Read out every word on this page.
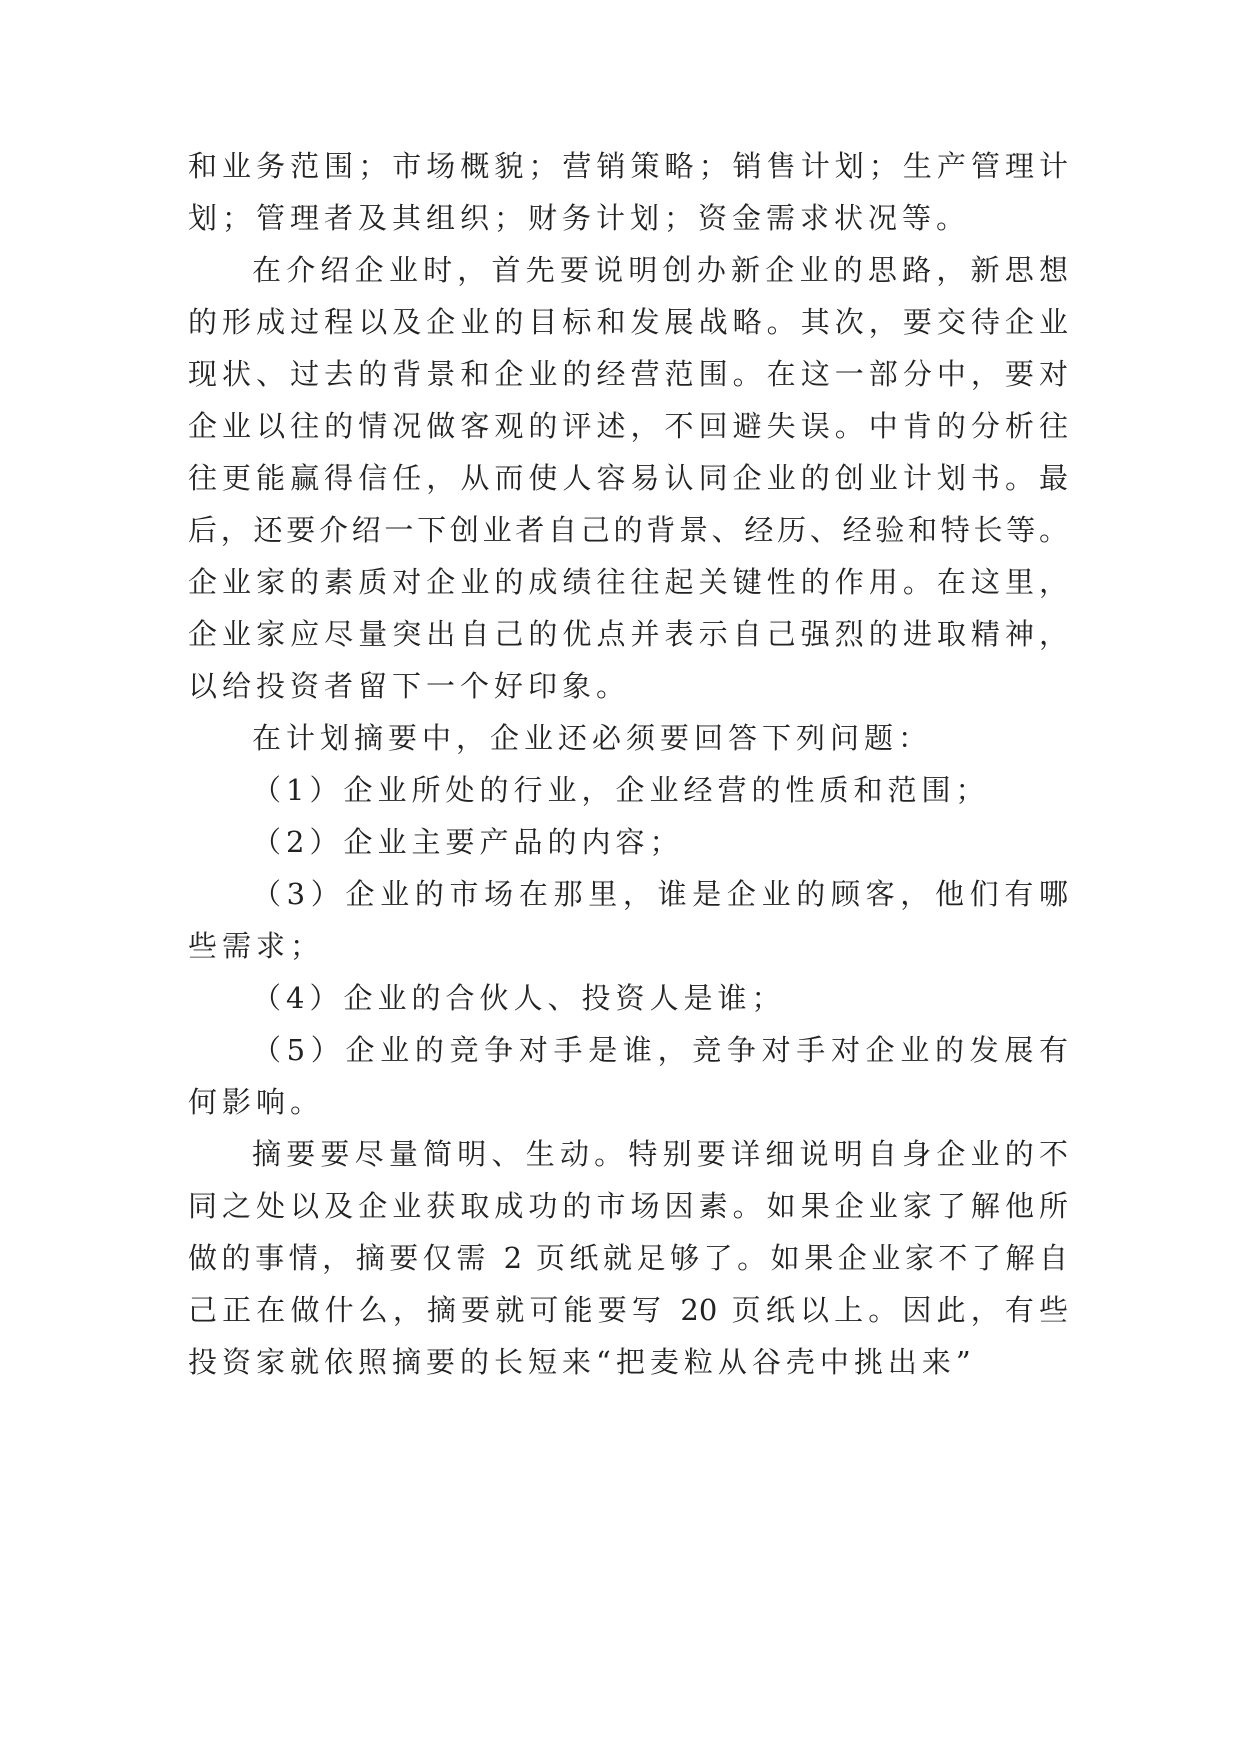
和业务范围；市场概貌；营销策略；销售计划；生产管理计
划；管理者及其组织；财务计划；资金需求状况等。
在介绍企业时，首先要说明创办新企业的思路，新思想
的形成过程以及企业的目标和发展战略。其次，要交待企业
现状、过去的背景和企业的经营范围。在这一部分中，要对
企业以往的情况做客观的评述，不回避失误。中肯的分析往
往更能赢得信任，从而使人容易认同企业的创业计划书。最
后，还要介绍一下创业者自己的背景、经历、经验和特长等。
企业家的素质对企业的成绩往往起关键性的作用。在这里，
企业家应尽量突出自己的优点并表示自己强烈的进取精神，
以给投资者留下一个好印象。
在计划摘要中，企业还必须要回答下列问题：
（1）企业所处的行业，企业经营的性质和范围；
（2）企业主要产品的内容；
（3）企业的市场在那里，谁是企业的顾客，他们有哪
些需求；
（4）企业的合伙人、投资人是谁；
（5）企业的竞争对手是谁，竞争对手对企业的发展有
何影响。
摘要要尽量简明、生动。特别要详细说明自身企业的不
同之处以及企业获取成功的市场因素。如果企业家了解他所
做的事情，摘要仅需 2 页纸就足够了。如果企业家不了解自
己正在做什么，摘要就可能要写 20 页纸以上。因此，有些
投资家就依照摘要的长短来“把麦粒从谷壳中挑出来”
